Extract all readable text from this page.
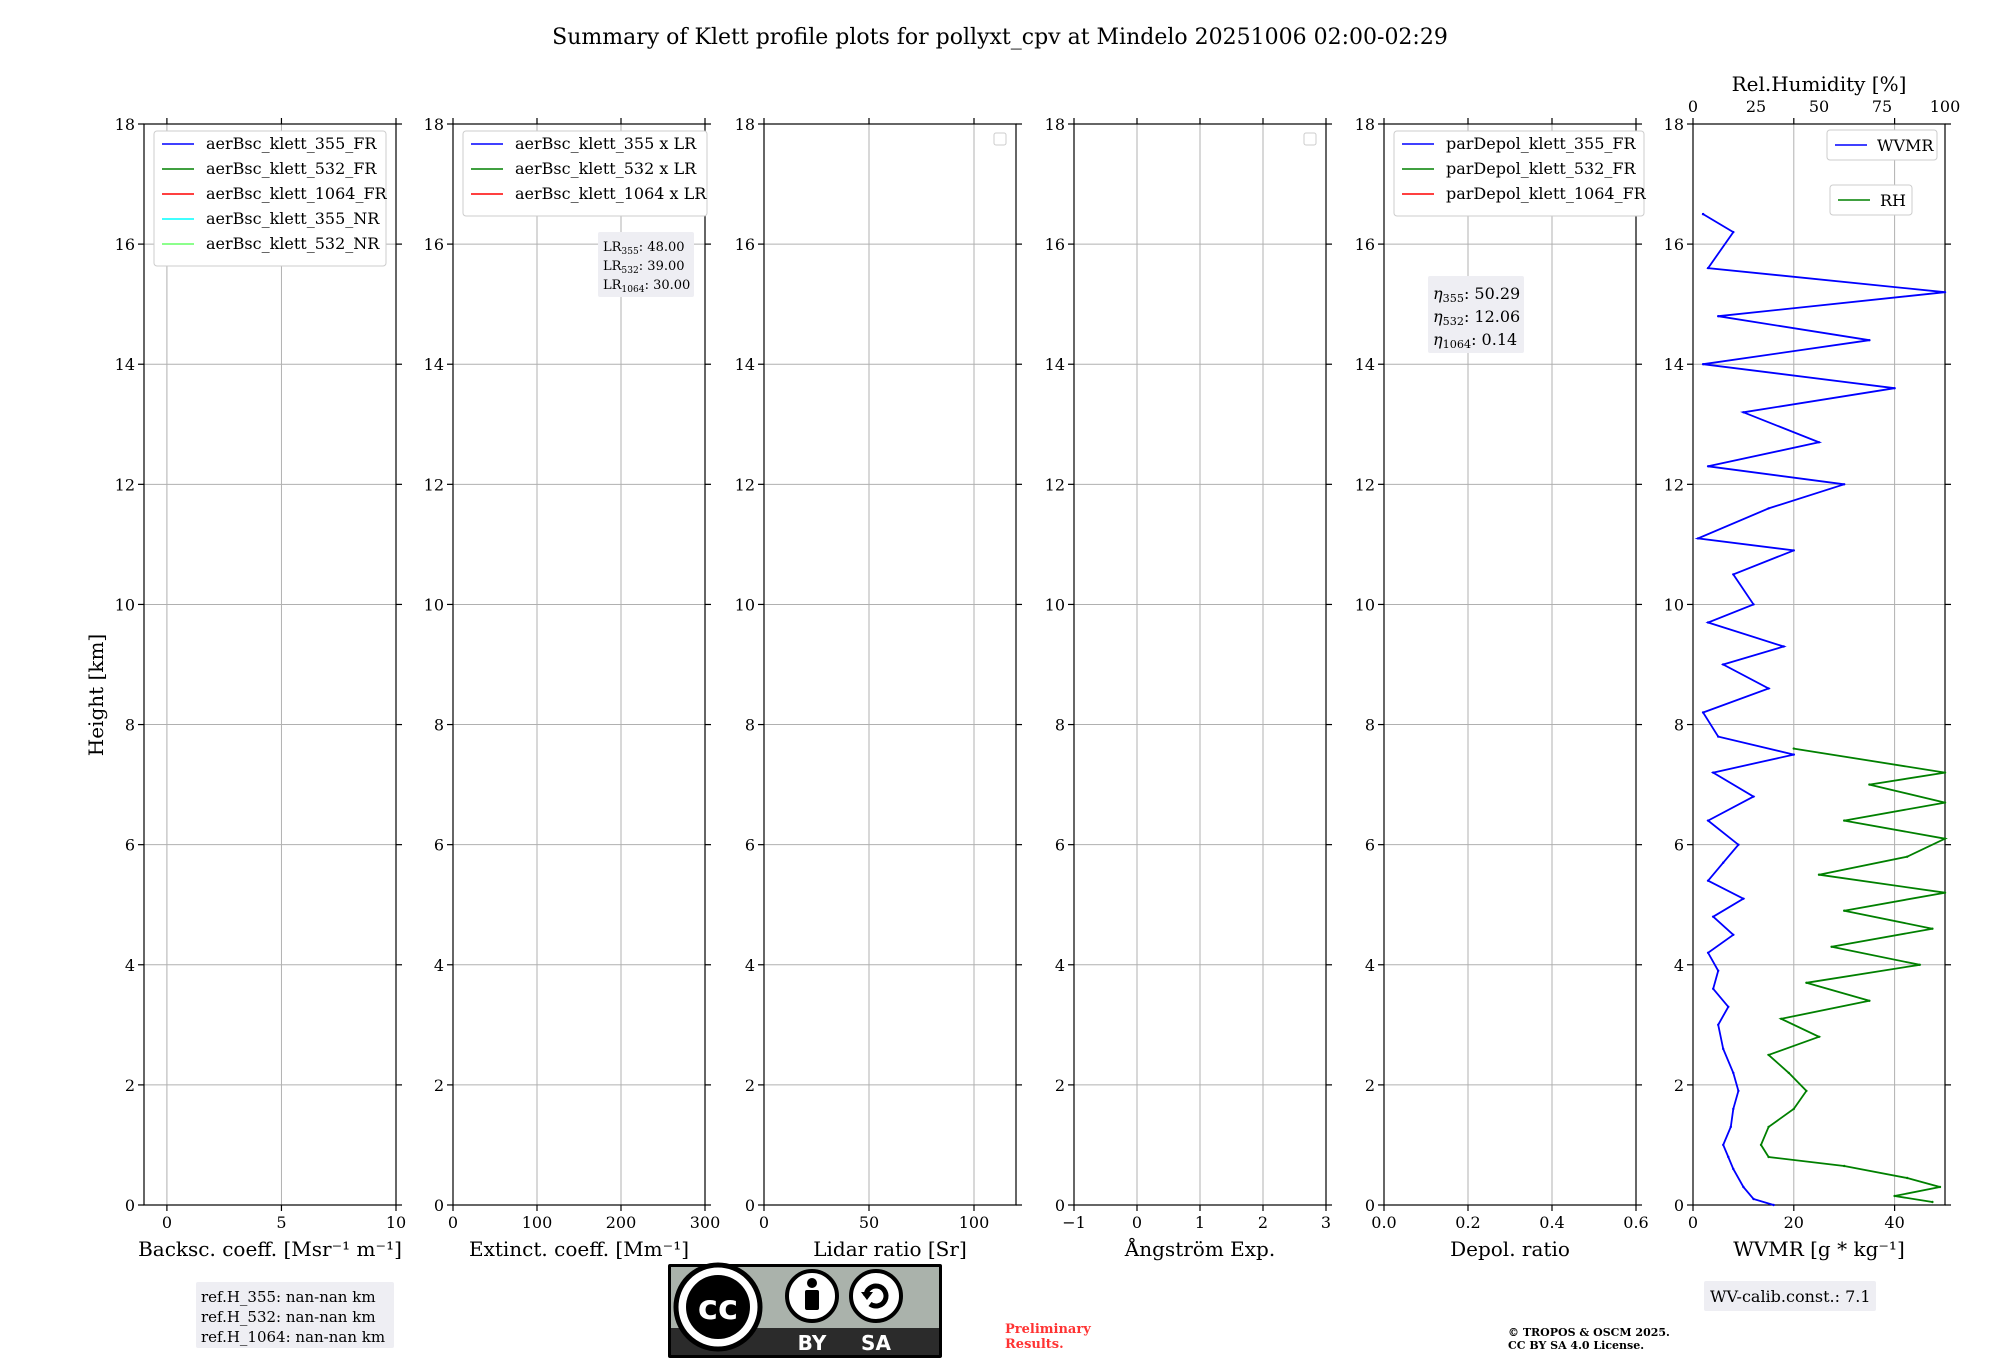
Summary of Klett profile plots for pollyxt_cpv at Mindelo 20251006 02:00-02:29
Height [km]
0
2
4
6
8
10
12
14
16
18
0	5	10
Backsc. coeff. [Msr⁻¹ m⁻¹]
aerBsc_klett_355_FR
aerBsc_klett_532_FR
aerBsc_klett_1064_FR
aerBsc_klett_355_NR
aerBsc_klett_532_NR
0
2
4
6
8
10
12
14
16
18
0	100	200	300
Extinct. coeff. [Mm⁻¹]
aerBsc_klett_355 x LR
aerBsc_klett_532 x LR
aerBsc_klett_1064 x LR
$LR_{355}$: 48.00
$LR_{532}$: 39.00
$LR_{1064}$: 30.00
0
2
4
6
8
10
12
14
16
18
0	50	100
Lidar ratio [Sr]
0
2
4
6
8
10
12
14
16
18
−1	0	1	2	3
Ångström Exp.
0
2
4
6
8
10
12
14
16
18
0.0	0.2	0.4	0.6
Depol. ratio
parDepol_klett_355_FR
parDepol_klett_532_FR
parDepol_klett_1064_FR
η355: 50.29
η532: 12.06
η1064: 0.14
0
2
4
6
8
10
12
14
16
18
0	20	40
WVMR [g * kg⁻¹]
0	25	50	75 100
Rel.Humidity [%]
WVMR
RH
WV-calib.const.: 7.1
ref.H_355: nan-nan km
ref.H_532: nan-nan km
ref.H_1064: nan-nan km
cc
BY SA
Preliminary
Results.
© TROPOS & OSCM 2025.
CC BY SA 4.0 License.
